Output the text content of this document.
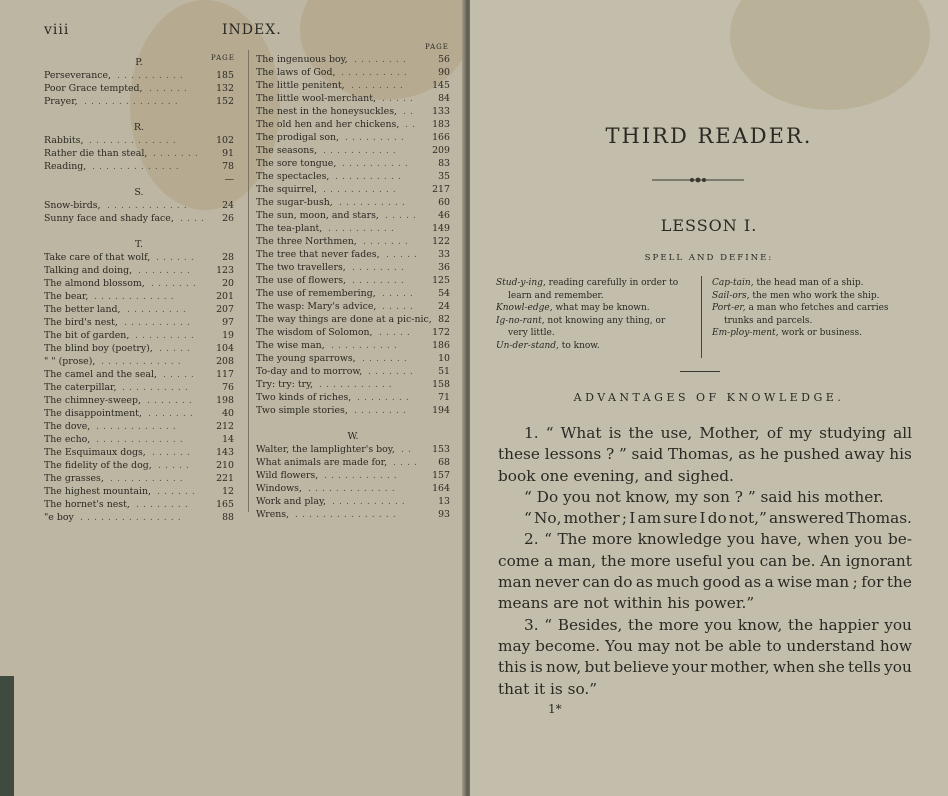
viii	INDEX.
PAGE
PAGE
P.
Perseverance, ..........	185
Poor Grace tempted, ......	132
Prayer, ..............	152
R.
Rabbits, .............	102
Rather die than steal, ....... 91
Reading, .............	78
—
S.
Snow-birds, ............	24
Sunny face and shady face, .... 26
T.
Take care of that wolf, ......	28
Talking and doing, ........ 123
The almond blossom, ....... 20
The bear, ............	201
The better land, .........	207
The bird's nest, ..........	97
The bit of garden, .........	19
The blind boy (poetry), ..... 104
" " (prose), ............	208
The camel and the seal, ..... 117
The caterpillar, ..........	76
The chimney-sweep, ....... 198
The disappointment, .......	40
The dove, ............	212
The echo, .............	14
The Esquimaux dogs, ...... 143
The fidelity of the dog, ..... 210
The grasses, ...........	221
The highest mountain, ...... 12
The hornet's nest, ........	165
"e boy ...............	88
The ingenuous boy, ........	56
The laws of God, ..........	90
The little penitent, ........	145
The little wool-merchant, ..... 84
The nest in the honeysuckles, .. 133
The old hen and her chickens, .. 183
The prodigal son, .........	166
The seasons, ...........	209
The sore tongue, ..........	83
The spectacles, ..........	35
The squirrel, ...........	217
The sugar-bush, ..........	60
The sun, moon, and stars, ..... 46
The tea-plant, ..........	149
The three Northmen, ....... 122
The tree that never fades, ..... 33
The two travellers, ........	36
The use of flowers, ........	125
The use of remembering, ..... 54
The wasp: Mary's advice, ..... 24
The way things are done at a pic-nic, 82
The wisdom of Solomon, ..... 172
The wise man, ..........	186
The young sparrows, .......	10
To-day and to morrow, ....... 51
Try: try: try, ...........	158
Two kinds of riches, ........	71
Two simple stories, ........ 194
W.
Walter, the lamplighter's boy, .. 153
What animals are made for, .... 68
Wild flowers, ...........	157
Windows, .............	164
Work and play, ...........	13
Wrens, ...............	93
THIRD READER.
LESSON I.
SPELL AND DEFINE:
Stud-y-ing, reading carefully in order to
learn and remember.
Knowl-edge, what may be known.
Ig-no-rant, not knowing any thing, or
very little.
Un-der-stand, to know.
Cap-tain, the head man of a ship.
Sail-ors, the men who work the ship.
Port-er, a man who fetches and carries
trunks and parcels.
Em-ploy-ment, work or business.
ADVANTAGES OF KNOWLEDGE.
1. “ What is the use, Mother, of my studying all
these lessons ? ” said Thomas, as he pushed away his
book one evening, and sighed.
“ Do you not know, my son ? ” said his mother.
“ No, mother ; I am sure I do not,” answered Thomas.
2. “ The more knowledge you have, when you be-
come a man, the more useful you can be. An ignorant
man never can do as much good as a wise man ; for the
means are not within his power.”
3. “ Besides, the more you know, the happier you
may become. You may not be able to understand how
this is now, but believe your mother, when she tells you
that it is so.”
1*
